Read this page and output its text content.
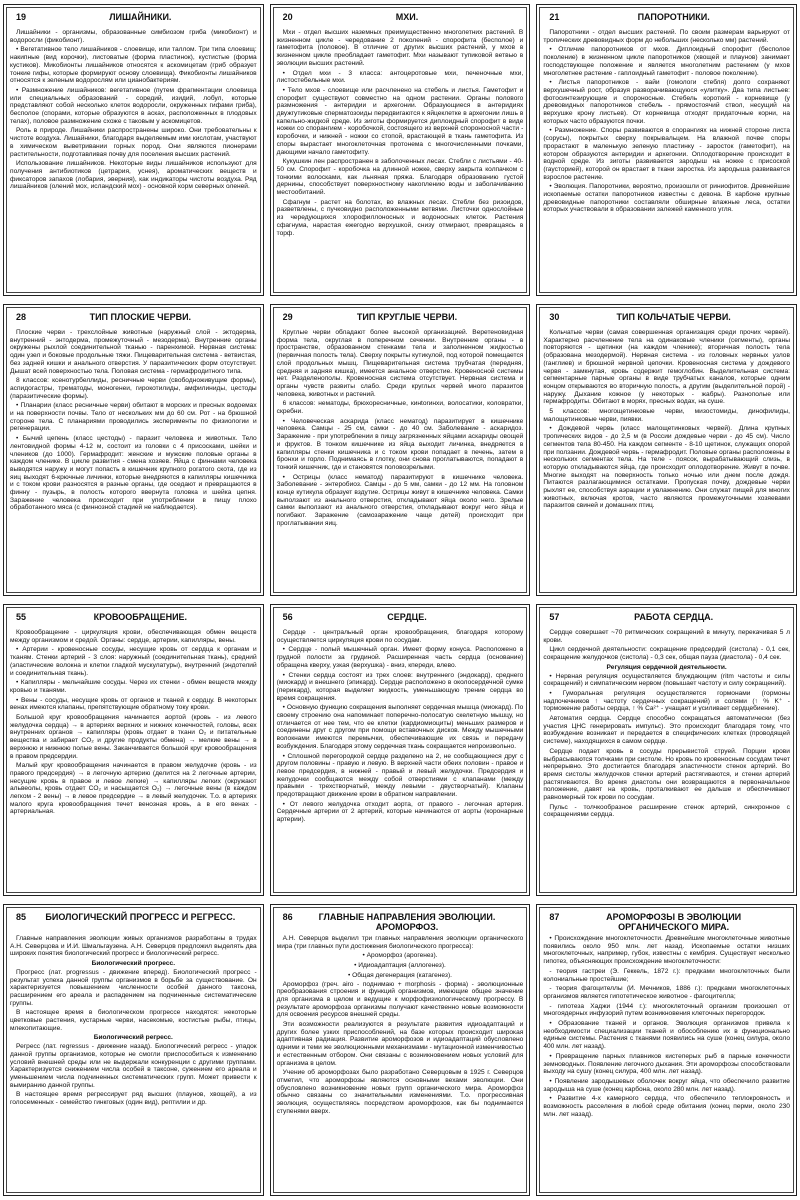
19	ЛИШАЙНИКИ.

Лишайники - организмы, образованные симбиозом гриба (микобионт) и водоросли (фикобионт).

• Вегетативное тело лишайников - слоевище, или таллом. Три типа слоевищ: накипные (вид корочки), листоватые (форма пластинок), кустистые (форма кустиков). Микобионты лишайников относятся к аскомицетам (гриб образует тонкие гифы, которые формируют основу слоевища). Фикобионты лишайников относятся к зеленым водорослям или цианобактериям.

• Размножение лишайников: вегетативное (путем фрагментации слоевища или специальных образований - соредий, изидий, лобул, которые представляют собой несколько клеток водоросли, окруженных гифами гриба), бесполое (спорами, которые образуются в асках, расположенных в плодовых телах), половое размножение схоже с таковым у аскомицетов.

Роль в природе. Лишайники распространены широко. Они требовательны к чистоте воздуха. Лишайники, благодаря выделяемым ими кислотам, участвуют в химическом выветривании горных пород. Они являются пионерами растительности, подготавливая почву для поселения высших растений.

Использование лишайников. Некоторые виды лишайников используют для получения антибиотиков (цетрария, уснея), ароматических веществ и фиксаторов запахов (лобария, эверния), как индикаторы чистоты воздуха. Ряд лишайников (олений мох, исландский мох) - основной корм северных оленей.

20	МХИ.

Мхи - отдел высших наземных преимущественно многолетних растений. В жизненном цикле - чередование 2 поколений - спорофита (бесполое) и гаметофита (половое). В отличие от других высших растений, у мхов в жизненном цикле преобладает гаметофит. Мхи называют тупиковой ветвью в эволюции высших растений.

• Отдел мхи - 3 класса: антоцеротовые мхи, печеночные мхи, листостебельные мхи.

• Тело мхов - слоевище или расчленено на стебель и листья. Гаметофит и спорофит существуют совместно на одном растении. Органы полового размножения - антеридии и архегонии. Образующиеся в антеридиях двужгутиковые сперматозоиды передвигаются к яйцеклетке в архегонии лишь в капельно-жидкой среде. Из зиготы формируется диплоидный спорофит в виде ножки со спорангием - коробочкой, состоящего из верхней спороносной части - коробочки, и нижней - ножки со стопой, врастающей в ткань гаметофита. Из споры вырастает многоклеточная протонема с многочисленными почками, дающими начало гаметофиту.

Кукушкин лен распространен в заболоченных лесах. Стебли с листьями - 40-50 см. Спорофит - коробочка на длинной ножке, сверху закрыта колпачком с тонкими волосками, как льняная пряжа. Благодаря образованию густой дернины, способствует поверхностному накоплению воды и заболачиванию местообитаний.

Сфагнум - растет на болотах, во влажных лесах. Стебли без ризоидов, разветвлены, с пучковидно расположенными ветвями. Листочки однослойные из чередующихся хлорофиллоносных и водоносных клеток. Растения сфагнума, нарастая ежегодно верхушкой, снизу отмирают, превращаясь в торф.

21	ПАПОРОТНИКИ.

Папоротники - отдел высших растений. По своим размерам варьируют от тропических древовидных форм до небольших (несколько мм) растений.

• Отличие папоротников от мхов. Диплоидный спорофит (бесполое поколение) в жизненном цикле папоротников (хвощей и плаунов) занимает господствующее положение и является многолетним растением (у мхов многолетнее растение - гаплоидный гаметофит - половое поколение).

• Листья папоротников - вайи (гомологи стебля) долго сохраняют верхушечный рост, образуя разворачивающуюся «улитку». Два типа листьев: фотосинтезирующие и спороносные. Стебель короткий - корневище (у древовидных папоротников стебель - прямостоячий ствол, несущий на верхушке крону листьев). От корневища отходят придаточные корни, на которых часто образуются почки.

• Размножение. Споры развиваются в спорангиях на нижней стороне листа (сорусы), покрытых сверху покрывальцем. На влажной почве споры прорастают в маленькую зеленую пластинку - заросток (гаметофит), на котором образуются антеридии и архегонии. Оплодотворение происходит в водной среде. Из зиготы развивается зародыш на ножке с присоской (гаусторией), которой он врастает в ткани заростка. Из зародыша развивается взрослое растение.

• Эволюция. Папоротники, вероятно, произошли от риниофитов. Древнейшие ископаемые остатки папоротников известны с девона. В карбоне крупные древовидные папоротники составляли обширные влажные леса, остатки которых участвовали в образовании залежей каменного угля.

28	ТИП ПЛОСКИЕ ЧЕРВИ.

Плоские черви - трехслойные животные (наружный слой - эктодерма, внутренний - энтодерма, промежуточный - мезодерма). Внутренние органы окружены рыхлой соединительной тканью - паренхимой. Нервная система: один узел и боковые продольные тяжи. Пищеварительная система - ветвистая, без задней кишки и анального отверстия. У паразитических форм отсутствует. Дышат всей поверхностью тела. Половая система - гермафродитного типа.

8 классов: ксенотурбеллиды, ресничные черви (свободноживущие формы), аспидогастры, трематоды, моногенеи, гирокотилиды, амфилиниды, цестоды (паразитические формы).

• Планарии (класс ресничные черви) обитают в морских и пресных водоемах и на поверхности почвы. Тело от нескольких мм до 60 см. Рот - на брюшной стороне тела. С планариями проводились эксперименты по физиологии и регенерации.

• Бычий цепень (класс цестоды) - паразит человека и животных. Тело лентовидной формы 4-12 м, состоит из головки с 4 присосками, шейки и члеников (до 1000). Гермафродит: женские и мужские половые органы в каждом членике. В цикле развития - смена хозяев. Яйца с финнами человека выводятся наружу и могут попасть в кишечник крупного рогатого скота, где из яиц выходят 6-крючные личинки, которые внедряются в капилляры кишечника и с током крови разносятся в разные органы, где оседают и превращаются в финну - пузырь, в полость которого ввернута головка и шейка цепня. Заражение человека происходит при употреблении в пищу плохо обработанного мяса (с финнозной стадией не наблюдается).

29	ТИП КРУГЛЫЕ ЧЕРВИ.

Круглые черви обладают более высокой организацией. Веретеновидная форма тела, округлая в поперечном сечении. Внутренние органы - в пространстве, образованном стенками тела и заполненном жидкостью (первичная полость тела). Сверху покрыты кутикулой, под которой помещается слой продольных мышц. Пищеварительная система трубчатая (передняя, средняя и задняя кишка), имеется анальное отверстие. Кровеносной системы нет. Разделенополы. Кровеносная система отсутствует. Нервная система и органы чувств развиты слабо. Среди круглых червей много паразитов человека, животных и растений.

6 классов: нематоды, брюхоресничные, кинtorинхи, волосатики, коловратки, скребни.

• Человеческая аскарида (класс нематод) паразитирует в кишечнике человека. Самцы - 25 см, самки - до 40 см. Заболевание - аскаридоз. Заражение - при употреблении в пищу загрязненных яйцами аскариды овощей и фруктов. В тонком кишечнике из яйца выходит личинка, внедряется в капилляры стенки кишечника и с током крови попадает в печень, затем в бронхи и горло. Поднимаясь в глотку, они снова проглатываются, попадают в тонкий кишечник, где и становятся половозрелыми.

• Острицы (класс нематод) паразитируют в кишечнике человека. Заболевание - энтеробиоз. Самцы - до 5 мм, самки - до 12 мм. На головном конце кутикула образует вздутие. Острицы живут в кишечнике человека. Самки выползают из анального отверстия, откладывают яйца около него. Зрелые самки выползают из анального отверстия, откладывают вокруг него яйца и погибают. Заражение (самозаражение чаще детей) происходит при проглатывании яиц.

30	ТИП КОЛЬЧАТЫЕ ЧЕРВИ.

Кольчатые черви (самая совершенная организация среди прочих червей). Характерно расчленение тела на одинаковые членики (сегменты), органы повторяются - щетинки (на каждом членике); вторичная полость тела (образована мезодермой). Нервная система - из головных нервных узлов (ганглиев) и брюшной нервной цепочки. Кровеносная система у дождевого червя - замкнутая, кровь содержит гемоглобин. Выделительная система: сегментарные парные органы в виде трубчатых каналов, которые одним концом открываются во вторичную полость, а другим (выделительной порой) - наружу. Дыхание кожное (у некоторых - жабры). Разнополые или гермафродиты. Обитают в морях, пресных водах, на суше.

5 классов: многощетинковые черви, мизостомиды, динофилиды, малощетинковые черви, пиявки.

• Дождевой червь (класс малощетинковых червей). Длина крупных тропических видов - до 2,5 м (в России дождевые черви - до 45 см). Число сегментов тела 80-450. На каждом сегменте - 8-10 щетинок, служащих опорой при ползании. Дождевой червь - гермафродит. Половые органы расположены в нескольких сегментах тела. На теле - поясок, вырабатывающий слизь, в которую откладываются яйца, где происходит оплодотворение. Живут в почве. Многие выходят на поверхность только ночью или днем после дождя. Питаются разлагающимися остатками. Пропуская почву, дождевые черви рыхлят ее, способствуя аэрации и увлажнению. Они служат пищей для многих животных, включая кротов, часто являются промежуточными хозяевами паразитов свиней и домашних птиц.

55	КРОВООБРАЩЕНИЕ.

Кровообращение - циркуляция крови, обеспечивающая обмен веществ между организмом и средой. Органы: сердце, артерии, капилляры, вены.

• Артерии - кровеносные сосуды, несущие кровь от сердца к органам и тканям. Стенки артерий - 3 слоя: наружный (соединительная ткань), средний (эластические волокна и клетки гладкой мускулатуры), внутренний (эндотелий и соединительная ткань).

• Капилляры - мельчайшие сосуды. Через их стенки - обмен веществ между кровью и тканями.

• Вены - сосуды, несущие кровь от органов и тканей к сердцу. В некоторых венах имеются клапаны, препятствующие обратному току крови.

Большой круг кровообращения начинается аортой (кровь - из левого желудочка сердца) → в артериях верхних и нижних конечностей, головы, всех внутренних органов → капилляры (кровь отдает в ткани O₂ и питательные вещества и забирает CO₂ и другие продукты обмена) → мелкие вены → в верхнюю и нижнюю полые вены. Заканчивается большой круг кровообращения в правом предсердии.

Малый круг кровообращения начинается в правом желудочке (кровь - из правого предсердия) → в легочную артерию (делится на 2 легочные артерии, несущие кровь в правое и левое легкие) → капилляры легких (окружают альвеолы, кровь отдает CO₂ и насыщается O₂) → легочные вены (в каждом легком - 2 вены) → в левое предсердие → в левый желудочек. Т.о. в артериях малого круга кровообращения течет венозная кровь, а в его венах - артериальная.

56	СЕРДЦЕ.

Сердце - центральный орган кровообращения, благодаря которому осуществляется циркуляция крови по сосудам.

• Сердце - полый мышечный орган. Имеет форму конуса. Расположено в грудной полости за грудиной. Расширенная часть сердца (основание) обращена кверху, узкая (верхушка) - вниз, кпереди, влево.

• Стенки сердца состоят из трех слоев: внутреннего (эндокард), среднего (миокард) и внешнего (эпикард). Сердце расположено в околосердечной сумке (перикард), которая выделяет жидкость, уменьшающую трение сердца во время сокращения.

• Основную функцию сокращения выполняет сердечная мышца (миокард). По своему строению она напоминает поперечно-полосатую скелетную мышцу, но отличается от нее тем, что ее клетки (кардиомиоциты) меньших размеров и соединены друг с другом при помощи вставочных дисков. Между мышечными волокнами имеются перемычки, обеспечивающие их связь и передачу возбуждения. Благодаря этому сердечная ткань сокращается непроизвольно.

• Сплошной перегородкой сердце разделено на 2, не сообщающиеся друг с другом половины - правую и левую. В верхней части обеих половин - правое и левое предсердия, в нижней - правый и левый желудочки. Предсердия и желудочки сообщаются между собой отверстиями с клапанами (между правыми - трехстворчатый, между левыми - двустворчатый). Клапаны предотвращают движение крови в обратном направлении.

• От левого желудочка отходит аорта, от правого - легочная артерия. Сердечные артерии от 2 артерий, которые начинаются от аорты (коронарные артерии).

57	РАБОТА СЕРДЦА.

Сердце совершает ~70 ритмических сокращений в минуту, перекачивая 5 л крови.

Цикл сердечной деятельности: сокращение предсердий (систола) - 0,1 сек, сокращение желудочков (систола) - 0,3 сек, общая пауза (диастола) - 0,4 сек.

Регуляция сердечной деятельности.

• Нервная регуляция осуществляется блуждающим (ritm частоты и силы сокращений) и симпатическим нервом (повышает частоту и силу сокращений).

• Гуморальная регуляция осуществляется гормонами (гормоны надпочечников ↑ частоту сердечных сокращений) и солями (↑ % K⁺ - торможение работы сердца, ↑ % Ca²⁺ - учащает и усиливает сердцебиение).

Автоматия сердца. Сердце способно сокращаться автоматически (без участия ЦНС генерировать импульс). Это происходит благодаря тому, что возбуждение возникает и передается в специфических клетках (проводящей системе), находящихся в самом сердце.

Сердце подает кровь в сосуды прерывистой струей. Порции крови выбрасываются толчками при систоле. Но кровь по кровеносным сосудам течет непрерывно. Это достигается благодаря эластичности стенок артерий. Во время систолы желудочков стенки артерий растягиваются, и стенки артерий растягиваются. Во время диастолы они возвращаются в первоначальное положение, давят на кровь, проталкивают ее дальше и обеспечивают равномерный ток крови по сосудам.

Пульс - толчкообразное расширение стенок артерий, синхронное с сокращениями сердца.

85	БИОЛОГИЧЕСКИЙ ПРОГРЕСС И РЕГРЕСС.

Главные направления эволюции живых организмов разработаны в трудах А.Н. Северцова и И.И. Шмальгаузена. А.Н. Северцов предложил выделять два широких понятия биологический прогресс и биологический регресс.

Биологический прогресс.

Прогресс (лат. progressus - движение вперед). Биологический прогресс - результат успеха данной группы организмов в борьбе за существование. Он характеризуется повышением численности особей данного таксона, расширением его ареала и распадением на подчиненные систематические группы.

В настоящее время в биологическом прогрессе находятся: некоторые цветковые растения, кустарные черви, насекомые, костистые рыбы, птицы, млекопитающие.

Биологический регресс.

Регресс (лат. regressus - движение назад). Биологический регресс - упадок данной группы организмов, которые не смогли приспособиться к изменению условий внешней среды или не выдержали конкуренции с другими группами. Характеризуется снижением числа особей в таксоне, сужением его ареала и уменьшением числа подчиненных систематических групп. Может привести к вымиранию данной группы.

В настоящее время регрессирует ряд высших (плаунов, хвощей), а из голосеменных - семейство гинкговых (один вид), рептилии и др.

86	ГЛАВНЫЕ НАПРАВЛЕНИЯ ЭВОЛЮЦИИ. АРОМОРФОЗ.

А.Н. Северцов выделил три главных направления эволюции органического мира (три главных пути достижения биологического прогресса):

• Ароморфоз (арогенез).

• Идиоадаптация (аллогенез).

• Общая дегенерация (катагенез).

Ароморфоз (греч. airo - поднимаю + morphosis - форма) - эволюционные преобразования строения и функций организмов, имеющие общее значение для организма в целом и ведущие к морфофизиологическому прогрессу. В результате ароморфоза организмы получают качественно новые возможности для освоения ресурсов внешней среды.

Эти возможности реализуются в результате развития идиоадаптаций и других более узких приспособлений, на базе которых происходит широкая адаптивная радиация. Развитие ароморфозов и идиоадаптаций обусловлено одними и теми же эволюционными механизмами - мутационной изменчивостью и естественным отбором. Они связаны с возникновением новых условий для организма в целом.

Учение об ароморфозах было разработано Северцовым в 1925 г. Северцов отметил, что ароморфозы являются основными вехами эволюции. Они обусловлено возникновение новых групп органического мира. Ароморфоз обычно связаны со значительными изменениями. Т.о. прогрессивная эволюция, осуществляясь посредством ароморфозов, как бы поднимается ступенями вверх.

87	АРОМОРФОЗЫ В ЭВОЛЮЦИИ ОРГАНИЧЕСКОГО МИРА.

• Происхождение многоклеточности. Древнейшие многоклеточные животные появились около 950 млн. лет назад. Ископаемые остатки низших многоклеточных, например, губок, известны с кембрия. Существует несколько гипотез, объясняющих происхождение многоклеточности:

- теория гастреи (Э. Геккель, 1872 г.): предками многоклеточных были колониальные простейшие;

- теория фагоцителлы (И. Мечников, 1886 г.): предками многоклеточных организмов является гипотетическое животное - фагоцителла;

- гипотеза Хаджи (1944 г.): многоклеточный организм произошел от многоядерных инфузорий путем возникновения клеточных перегородок.

• Образование тканей и органов. Эволюция организмов привела к необходимости специализации тканей и обособлению их в функционально единые системы. Растения с тканями появились на суше (конец силура, около 400 млн. лет назад).

• Превращение парных плавников кистеперых рыб в парные конечности земноводных. Появление легочного дыхания. Эти ароморфозы способствовали выходу на сушу (конец силура, 400 млн. лет назад).

• Появление зародышевых оболочек вокруг яйца, что обеспечило развитие зародыша на суше (конец карбона, около 280 млн. лет назад).

• Развитие 4-х камерного сердца, что обеспечило теплокровность и возможность расселения в любой среде обитания (конец перми, около 230 млн. лет назад).
